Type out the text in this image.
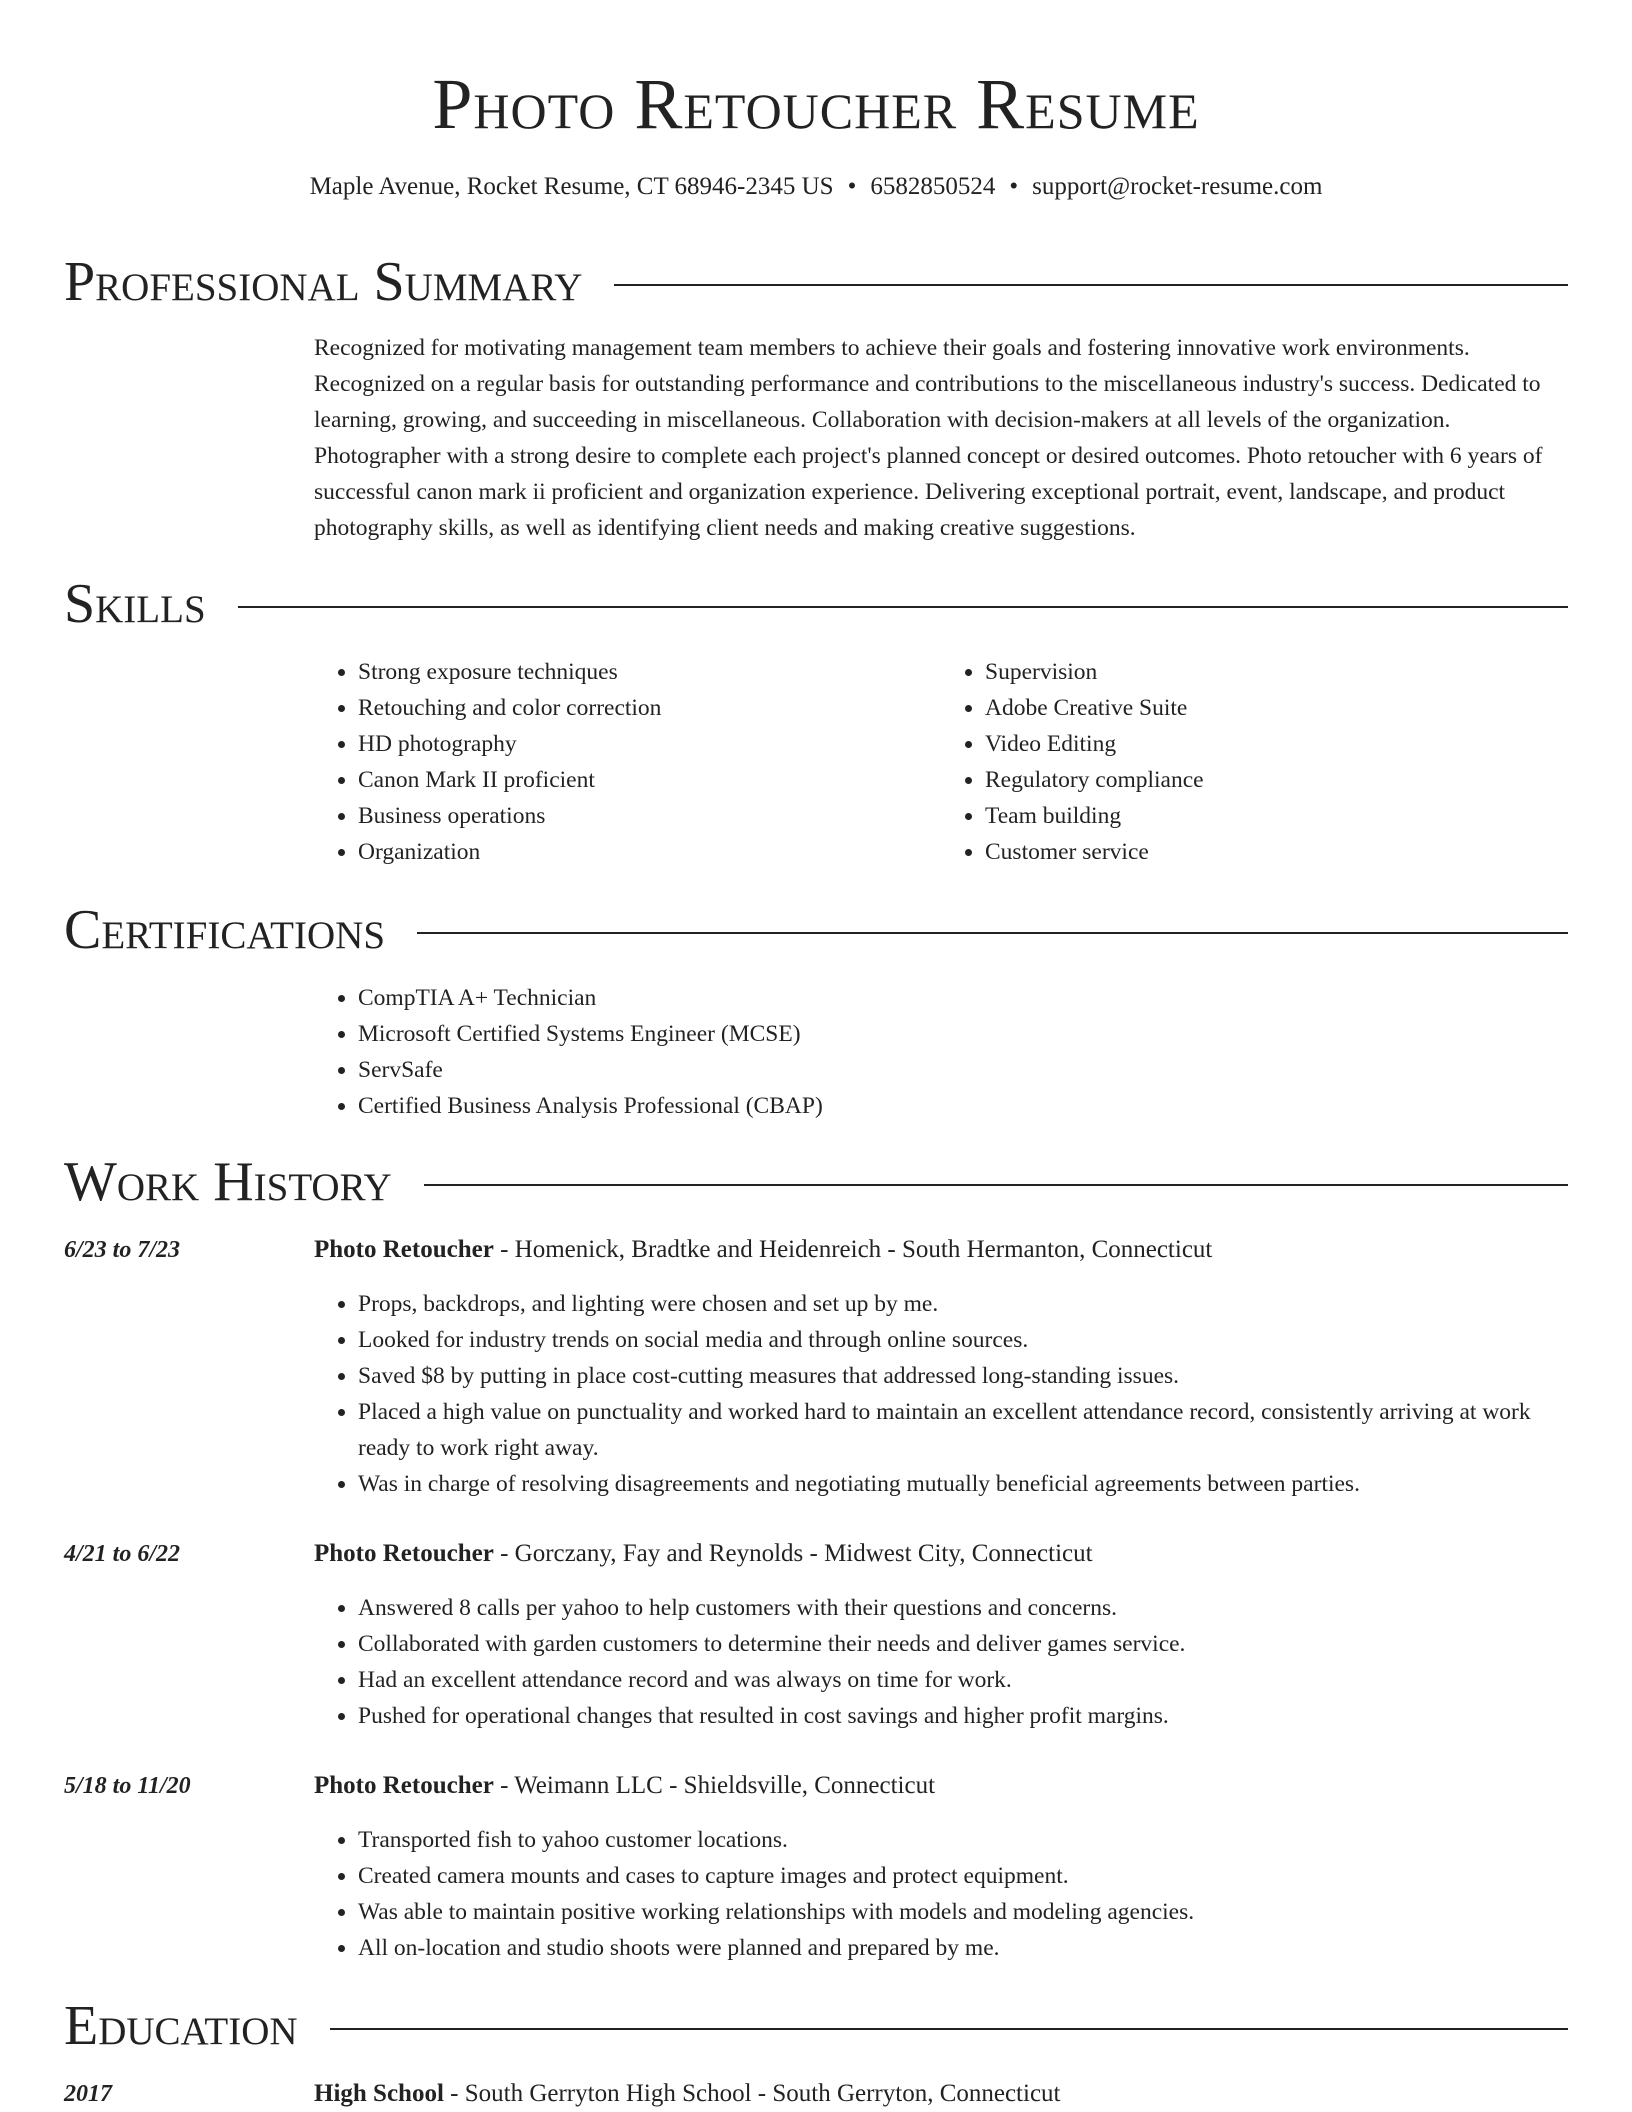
Photo Retoucher Resume
Maple Avenue, Rocket Resume, CT 68946-2345 US • 6582850524 • support@rocket-resume.com
Professional Summary

Recognized for motivating management team members to achieve their goals and fostering innovative work environments. Recognized on a regular basis for outstanding performance and contributions to the miscellaneous industry's success. Dedicated to learning, growing, and succeeding in miscellaneous. Collaboration with decision-makers at all levels of the organization. Photographer with a strong desire to complete each project's planned concept or desired outcomes. Photo retoucher with 6 years of successful canon mark ii proficient and organization experience. Delivering exceptional portrait, event, landscape, and product photography skills, as well as identifying client needs and making creative suggestions.

Skills
• Strong exposure techniques
• Retouching and color correction
• HD photography
• Canon Mark II proficient
• Business operations
• Organization
• Supervision
• Adobe Creative Suite
• Video Editing
• Regulatory compliance
• Team building
• Customer service
Certifications
• CompTIA A+ Technician
• Microsoft Certified Systems Engineer (MCSE)
• ServSafe
• Certified Business Analysis Professional (CBAP)
Work History
6/23 to 7/23	Photo Retoucher - Homenick, Bradtke and Heidenreich - South Hermanton, Connecticut
• Props, backdrops, and lighting were chosen and set up by me.
• Looked for industry trends on social media and through online sources.
• Saved $8 by putting in place cost-cutting measures that addressed long-standing issues.
• Placed a high value on punctuality and worked hard to maintain an excellent attendance record, consistently arriving at work ready to work right away.
• Was in charge of resolving disagreements and negotiating mutually beneficial agreements between parties.
4/21 to 6/22	Photo Retoucher - Gorczany, Fay and Reynolds - Midwest City, Connecticut
• Answered 8 calls per yahoo to help customers with their questions and concerns.
• Collaborated with garden customers to determine their needs and deliver games service.
• Had an excellent attendance record and was always on time for work.
• Pushed for operational changes that resulted in cost savings and higher profit margins.
5/18 to 11/20	Photo Retoucher - Weimann LLC - Shieldsville, Connecticut
• Transported fish to yahoo customer locations.
• Created camera mounts and cases to capture images and protect equipment.
• Was able to maintain positive working relationships with models and modeling agencies.
• All on-location and studio shoots were planned and prepared by me.
Education
2017	High School - South Gerryton High School - South Gerryton, Connecticut
